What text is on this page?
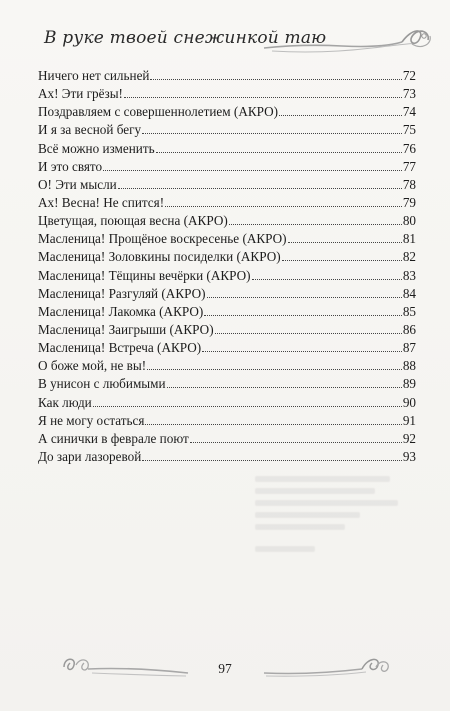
В руке твоей снежинкой таю
Ничего нет сильней	72
Ах! Эти грёзы!	73
Поздравляем с совершеннолетием (АКРО)	74
И я за весной бегу	75
Всё можно изменить	76
И это свято	77
О! Эти мысли	78
Ах! Весна! Не спится!	79
Цветущая, поющая весна (АКРО)	80
Масленица! Прощёное воскресенье (АКРО)	81
Масленица! Золовкины посиделки (АКРО)	82
Масленица! Тёщины вечёрки (АКРО)	83
Масленица! Разгуляй (АКРО)	84
Масленица! Лакомка (АКРО)	85
Масленица! Заигрыши (АКРО)	86
Масленица! Встреча (АКРО)	87
О боже мой, не вы!	88
В унисон с любимыми	89
Как люди	90
Я не могу остаться	91
А синички в феврале поют	92
До зари лазоревой	93
97
